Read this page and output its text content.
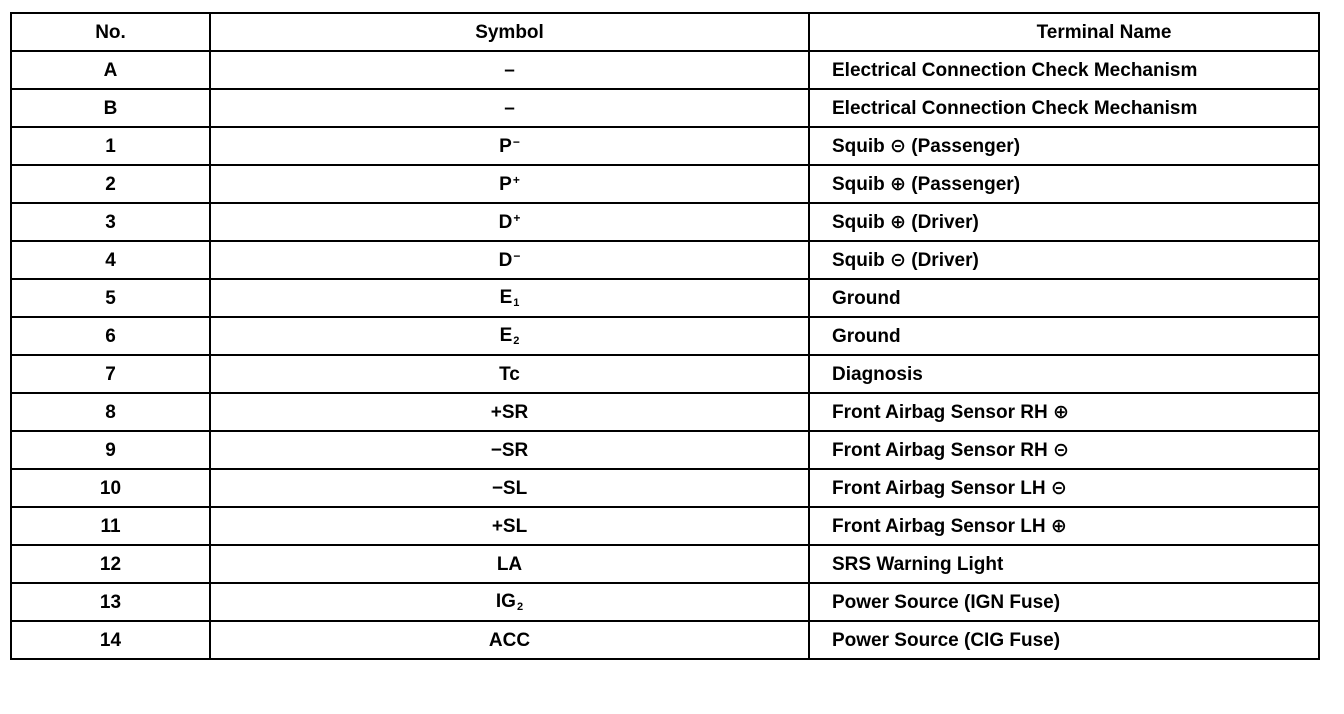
No.	Symbol	Terminal Name
A	–	Electrical Connection Check Mechanism
B	–	Electrical Connection Check Mechanism
1	P−	Squib ⊝ (Passenger)
2	P+	Squib ⊕ (Passenger)
3	D+	Squib ⊕ (Driver)
4	D−	Squib ⊝ (Driver)
5	E1	Ground
6	E2	Ground
7	Tc	Diagnosis
8	+SR	Front Airbag Sensor RH ⊕
9	−SR	Front Airbag Sensor RH ⊝
10	−SL	Front Airbag Sensor LH ⊝
11	+SL	Front Airbag Sensor LH ⊕
12	LA	SRS Warning Light
13	IG2	Power Source (IGN Fuse)
14	ACC	Power Source (CIG Fuse)
